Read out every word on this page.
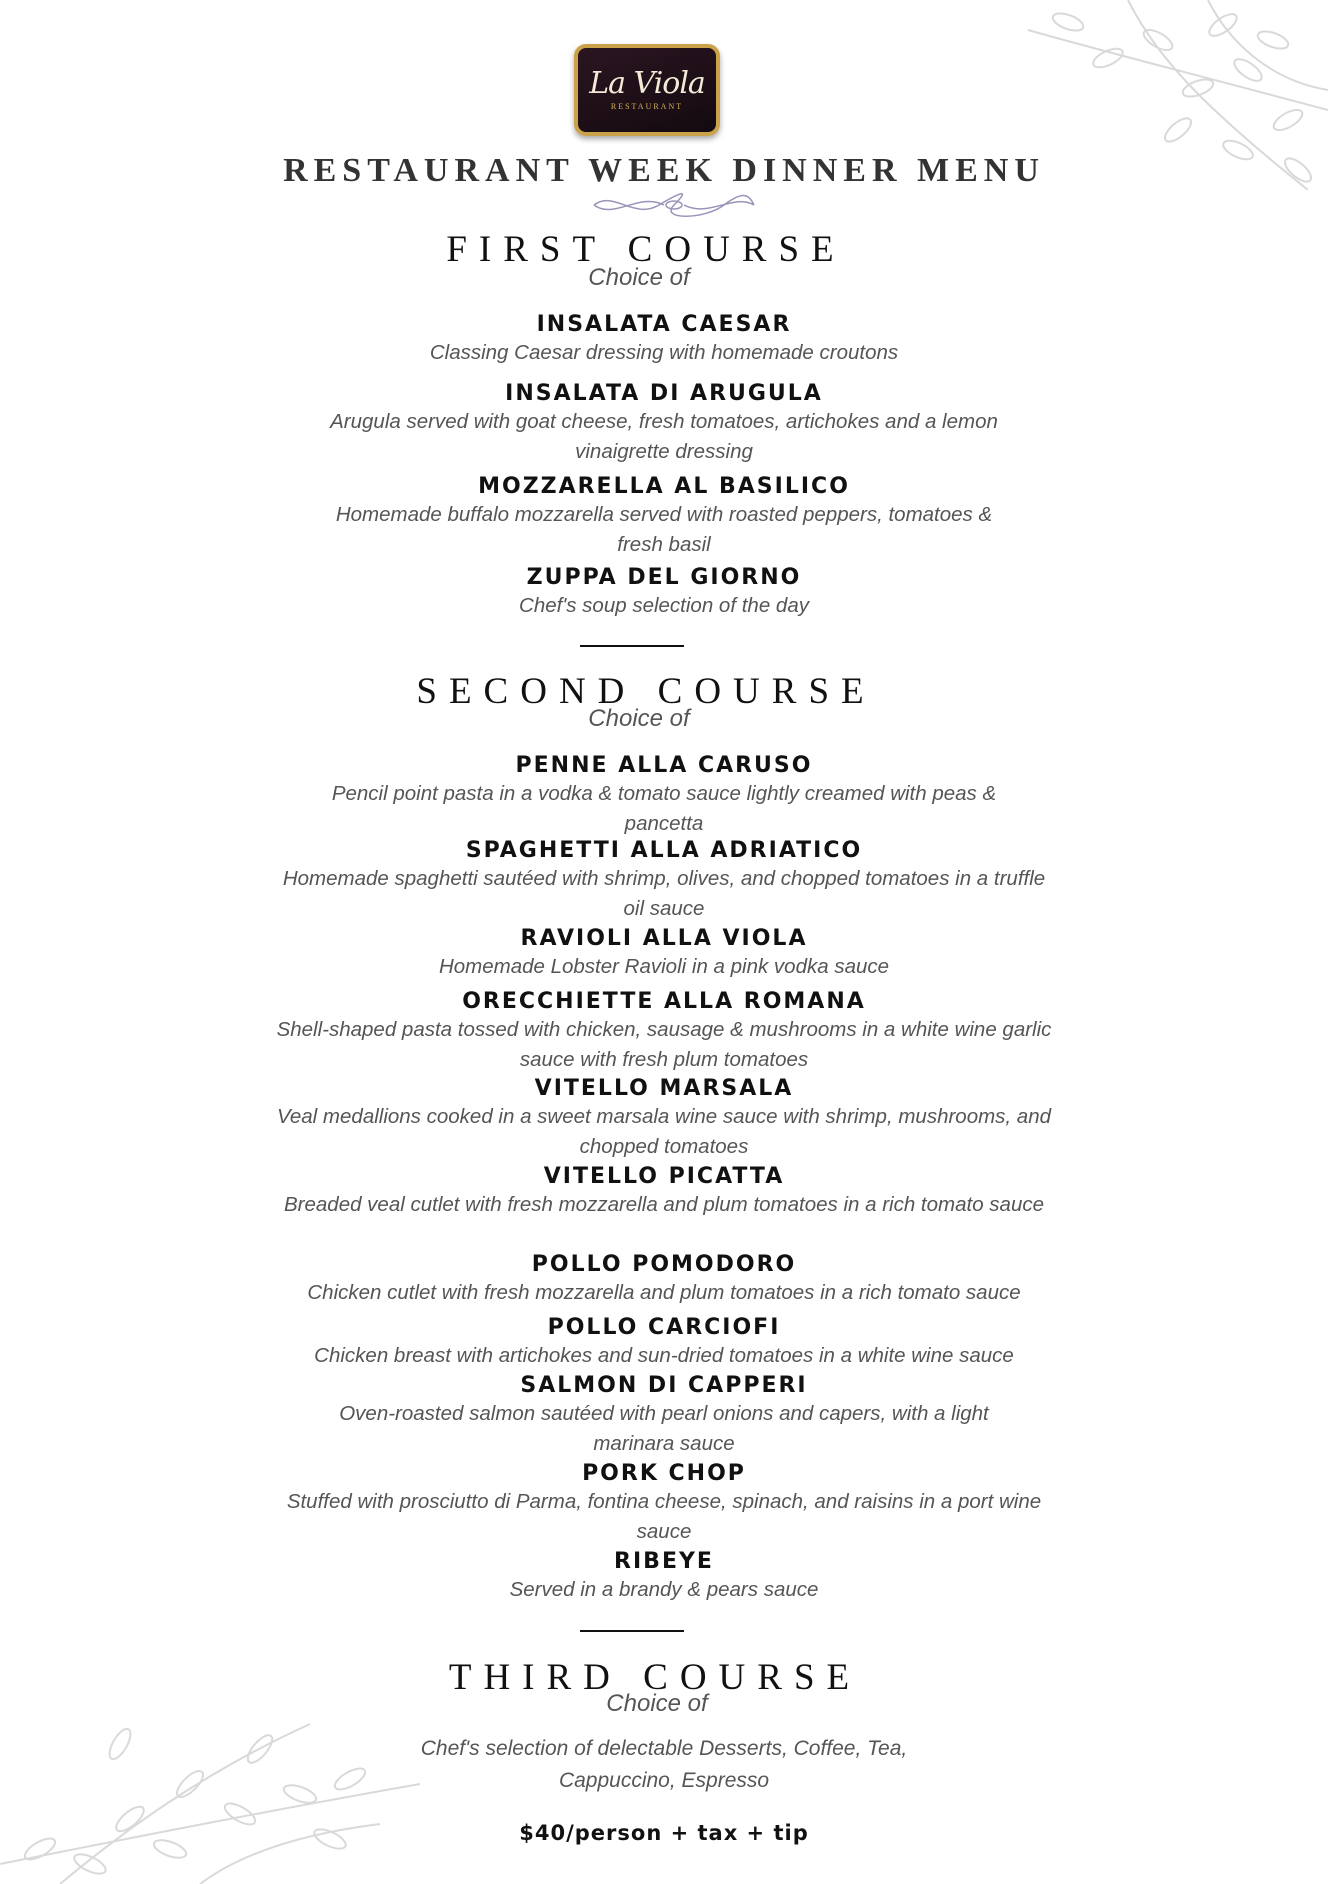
La Viola
RESTAURANT
RESTAURANT WEEK DINNER MENU
FIRST COURSE
Choice of
INSALATA CAESAR
Classing Caesar dressing with homemade croutons
INSALATA DI ARUGULA
Arugula served with goat cheese, fresh tomatoes, artichokes and a lemon vinaigrette dressing
MOZZARELLA AL BASILICO
Homemade buffalo mozzarella served with roasted peppers, tomatoes & fresh basil
ZUPPA DEL GIORNO
Chef's soup selection of the day
SECOND COURSE
Choice of
PENNE ALLA CARUSO
Pencil point pasta in a vodka & tomato sauce lightly creamed with peas & pancetta
SPAGHETTI ALLA ADRIATICO
Homemade spaghetti sautéed with shrimp, olives, and chopped tomatoes in a truffle oil sauce
RAVIOLI ALLA VIOLA
Homemade Lobster Ravioli in a pink vodka sauce
ORECCHIETTE ALLA ROMANA
Shell-shaped pasta tossed with chicken, sausage & mushrooms in a white wine garlic sauce with fresh plum tomatoes
VITELLO MARSALA
Veal medallions cooked in a sweet marsala wine sauce with shrimp, mushrooms, and chopped tomatoes
VITELLO PICATTA
Breaded veal cutlet with fresh mozzarella and plum tomatoes in a rich tomato sauce
POLLO POMODORO
Chicken cutlet with fresh mozzarella and plum tomatoes in a rich tomato sauce
POLLO CARCIOFI
Chicken breast with artichokes and sun-dried tomatoes in a white wine sauce
SALMON DI CAPPERI
Oven-roasted salmon sautéed with pearl onions and capers, with a light marinara sauce
PORK CHOP
Stuffed with prosciutto di Parma, fontina cheese, spinach, and raisins in a port wine sauce
RIBEYE
Served in a brandy & pears sauce
THIRD COURSE
Choice of
Chef's selection of delectable Desserts, Coffee, Tea,
Cappuccino, Espresso
$40/person + tax + tip
